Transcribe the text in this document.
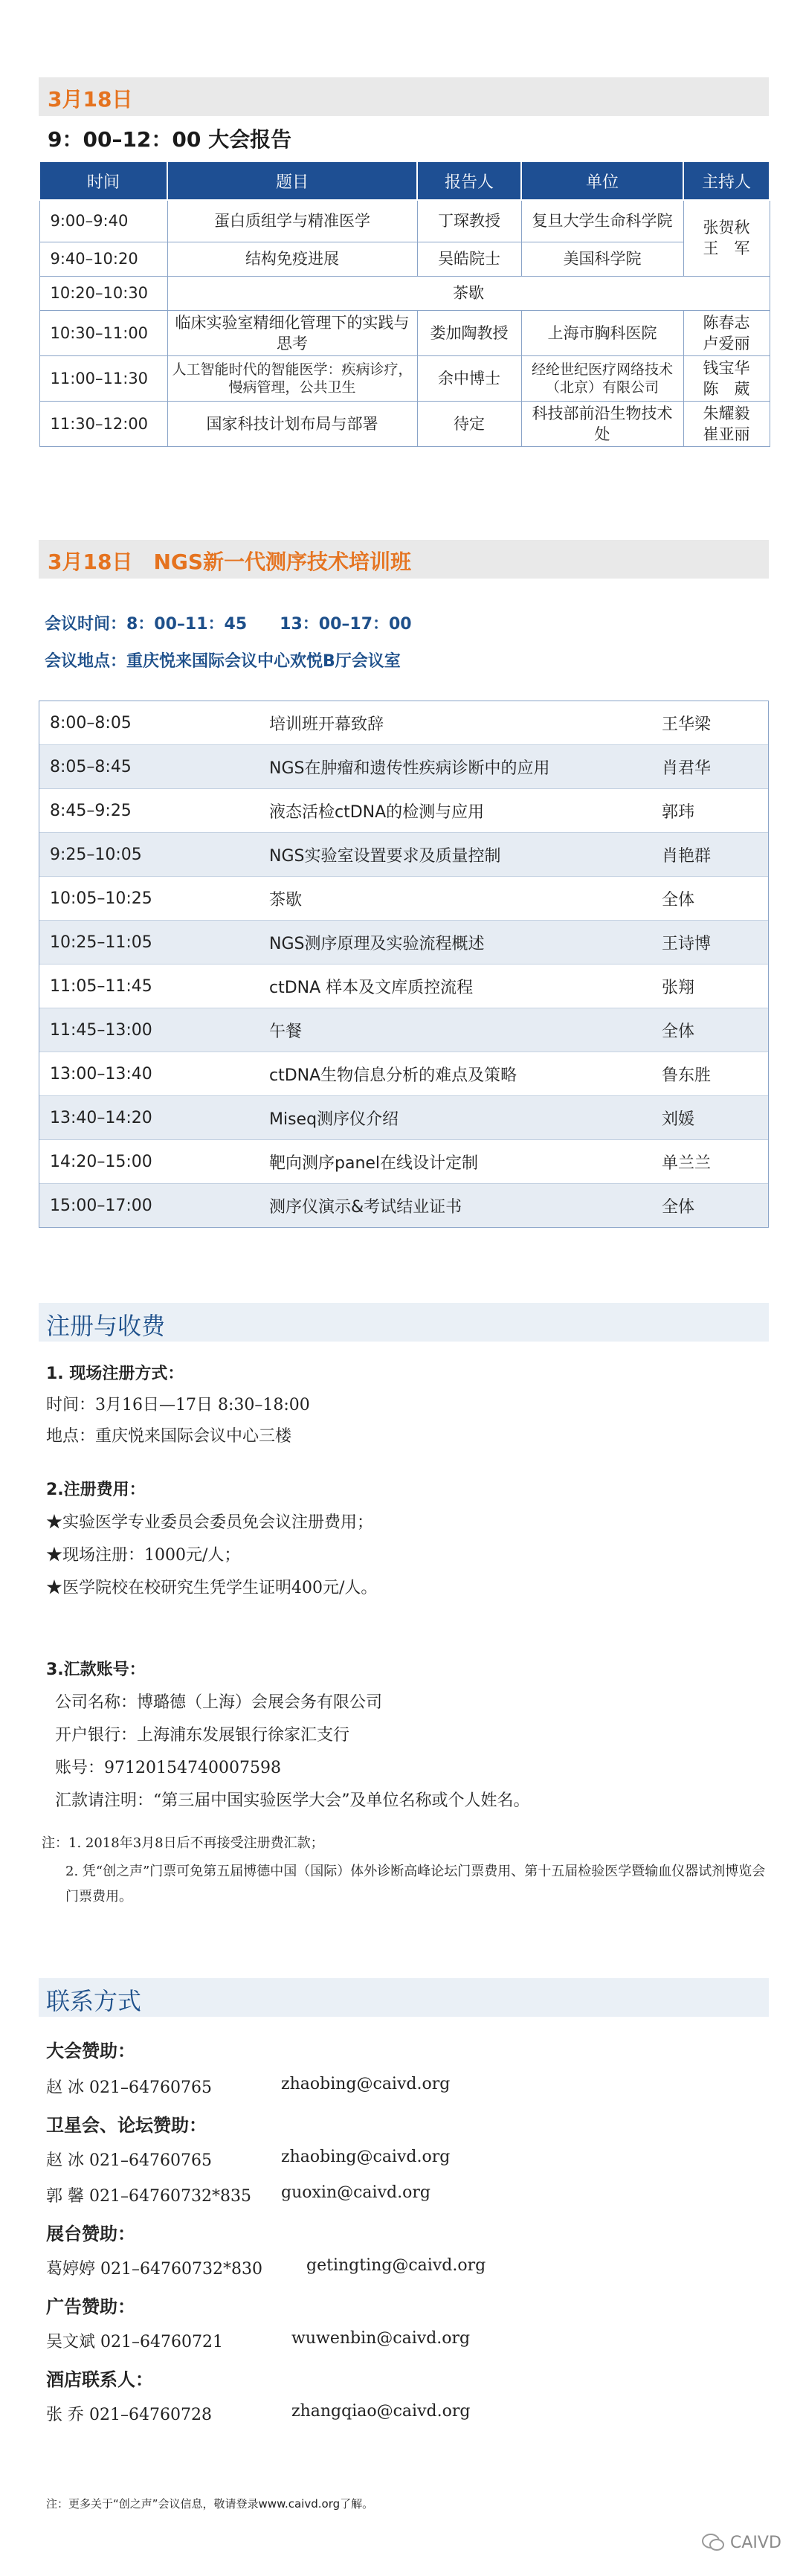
3月18日
9：00–12：00 大会报告
时间	题目	报告人	单位	主持人
9:00–9:40	蛋白质组学与精准医学	丁琛教授	复旦大学生命科学院	张贺秋
王　军

9:40–10:20	结构免疫进展	吴皓院士	美国科学院	
10:20–10:30	茶歇			
10:30–11:00	临床实验室精细化管理下的实践与思考	娄加陶教授	上海市胸科医院	陈春志
卢爱丽

11:00–11:30	人工智能时代的智能医学：疾病诊疗，慢病管理，公共卫生	余中博士	经纶世纪医疗网络技术（北京）有限公司	钱宝华
陈　葳

11:30–12:00	国家科技计划布局与部署	待定	科技部前沿生物技术处	朱耀毅
崔亚丽
3月18日　NGS新一代测序技术培训班
会议时间：8：00–11：45　　13：00–17：00
会议地点：重庆悦来国际会议中心欢悦B厅会议室
8:00–8:05	培训班开幕致辞	王华梁
8:05–8:45	NGS在肿瘤和遗传性疾病诊断中的应用	肖君华
8:45–9:25	液态活检ctDNA的检测与应用	郭玮
9:25–10:05	NGS实验室设置要求及质量控制	肖艳群
10:05–10:25	茶歇	全体
10:25–11:05	NGS测序原理及实验流程概述	王诗博
11:05–11:45	ctDNA 样本及文库质控流程	张翔
11:45–13:00	午餐	全体
13:00–13:40	ctDNA生物信息分析的难点及策略	鲁东胜
13:40–14:20	Miseq测序仪介绍	刘媛
14:20–15:00	靶向测序panel在线设计定制	单兰兰
15:00–17:00	测序仪演示&考试结业证书	全体
注册与收费
1. 现场注册方式：
时间：3月16日—17日 8:30–18:00
地点：重庆悦来国际会议中心三楼
2.注册费用：
★实验医学专业委员会委员免会议注册费用；
★现场注册：1000元/人；
★医学院校在校研究生凭学生证明400元/人。
3.汇款账号：
公司名称：博璐德（上海）会展会务有限公司
开户银行：上海浦东发展银行徐家汇支行
账号：97120154740007598
汇款请注明：“第三届中国实验医学大会”及单位名称或个人姓名。
注：1. 2018年3月8日后不再接受注册费汇款；
2. 凭“创之声”门票可免第五届博德中国（国际）体外诊断高峰论坛门票费用、第十五届检验医学暨输血仪器试剂博览会门票费用。
联系方式
大会赞助：
赵 冰 021–64760765	zhaobing@caivd.org
卫星会、论坛赞助：
赵 冰 021–64760765	zhaobing@caivd.org
郭 馨 021–64760732*835 guoxin@caivd.org
展台赞助：
葛婷婷 021–64760732*830	getingting@caivd.org
广告赞助：
吴文斌 021–64760721	wuwenbin@caivd.org
酒店联系人：
张 乔 021–64760728	zhangqiao@caivd.org
注：更多关于“创之声”会议信息，敬请登录www.caivd.org了解。
CAIVD
